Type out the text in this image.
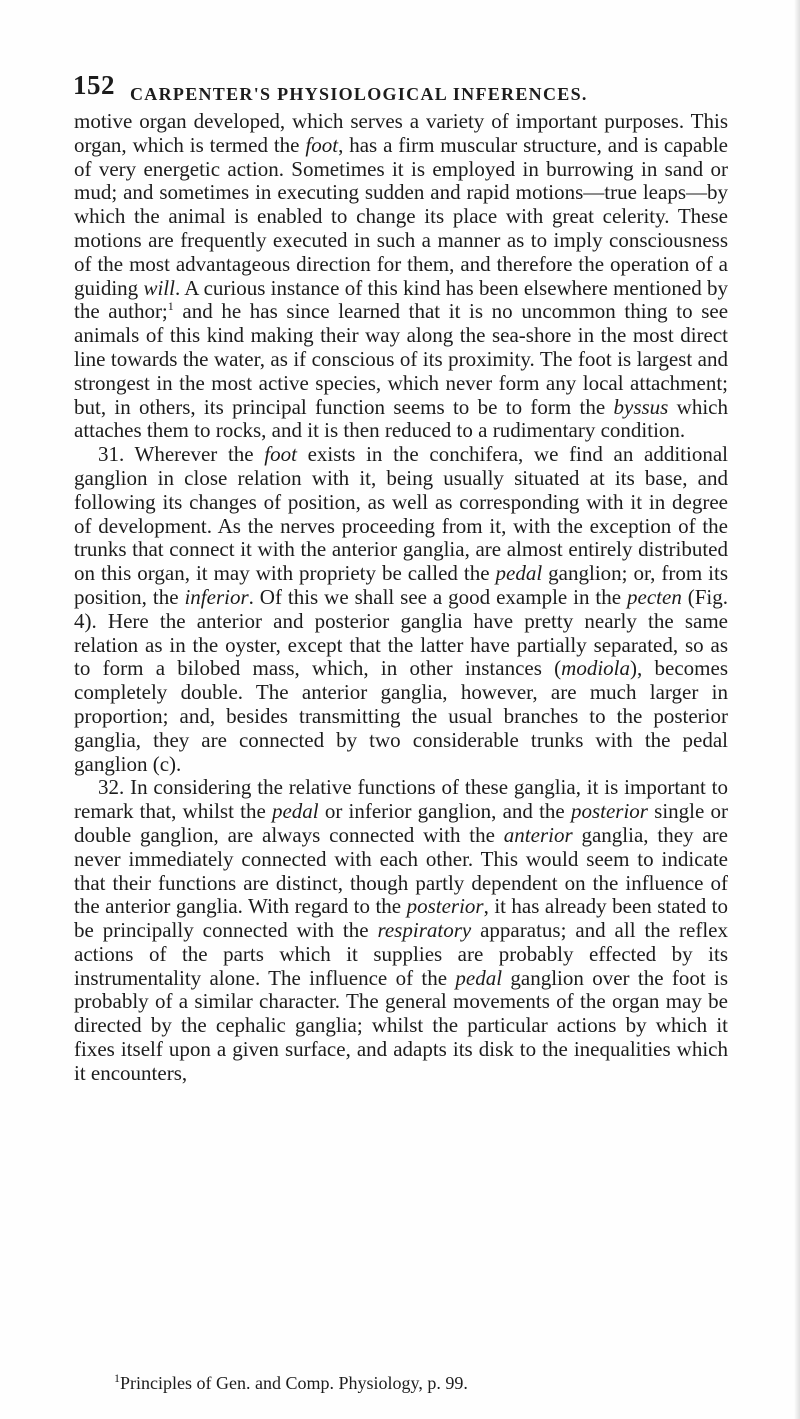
152 CARPENTER'S PHYSIOLOGICAL INFERENCES.

motive organ developed, which serves a variety of important purposes. This organ, which is termed the foot, has a firm muscular structure, and is capable of very energetic action. Sometimes it is employed in burrowing in sand or mud; and sometimes in executing sudden and rapid motions—true leaps—by which the animal is enabled to change its place with great celerity. These motions are frequently executed in such a manner as to imply consciousness of the most advantageous direction for them, and therefore the operation of a guiding will. A curious instance of this kind has been elsewhere mentioned by the author;$^1$ and he has since learned that it is no uncommon thing to see animals of this kind making their way along the sea-shore in the most direct line towards the water, as if conscious of its proximity. The foot is largest and strongest in the most active species, which never form any local attachment; but, in others, its principal function seems to be to form the byssus which attaches them to rocks, and it is then reduced to a rudimentary condition.

31. Wherever the foot exists in the conchifera, we find an additional ganglion in close relation with it, being usually situated at its base, and following its changes of position, as well as corresponding with it in degree of development. As the nerves proceeding from it, with the exception of the trunks that connect it with the anterior ganglia, are almost entirely distributed on this organ, it may with propriety be called the pedal ganglion; or, from its position, the inferior. Of this we shall see a good example in the pecten (Fig. 4). Here the anterior and posterior ganglia have pretty nearly the same relation as in the oyster, except that the latter have partially separated, so as to form a bilobed mass, which, in other instances (modiola), becomes completely double. The anterior ganglia, however, are much larger in proportion; and, besides transmitting the usual branches to the posterior ganglia, they are connected by two considerable trunks with the pedal ganglion (c).

32. In considering the relative functions of these ganglia, it is important to remark that, whilst the pedal or inferior ganglion, and the posterior single or double ganglion, are always connected with the anterior ganglia, they are never immediately connected with each other. This would seem to indicate that their functions are distinct, though partly dependent on the influence of the anterior ganglia. With regard to the posterior, it has already been stated to be principally connected with the respiratory apparatus; and all the reflex actions of the parts which it supplies are probably effected by its instrumentality alone. The influence of the pedal ganglion over the foot is probably of a similar character. The general movements of the organ may be directed by the cephalic ganglia; whilst the particular actions by which it fixes itself upon a given surface, and adapts its disk to the inequalities which it encounters,

$^1$Principles of Gen. and Comp. Physiology, p. 99.
